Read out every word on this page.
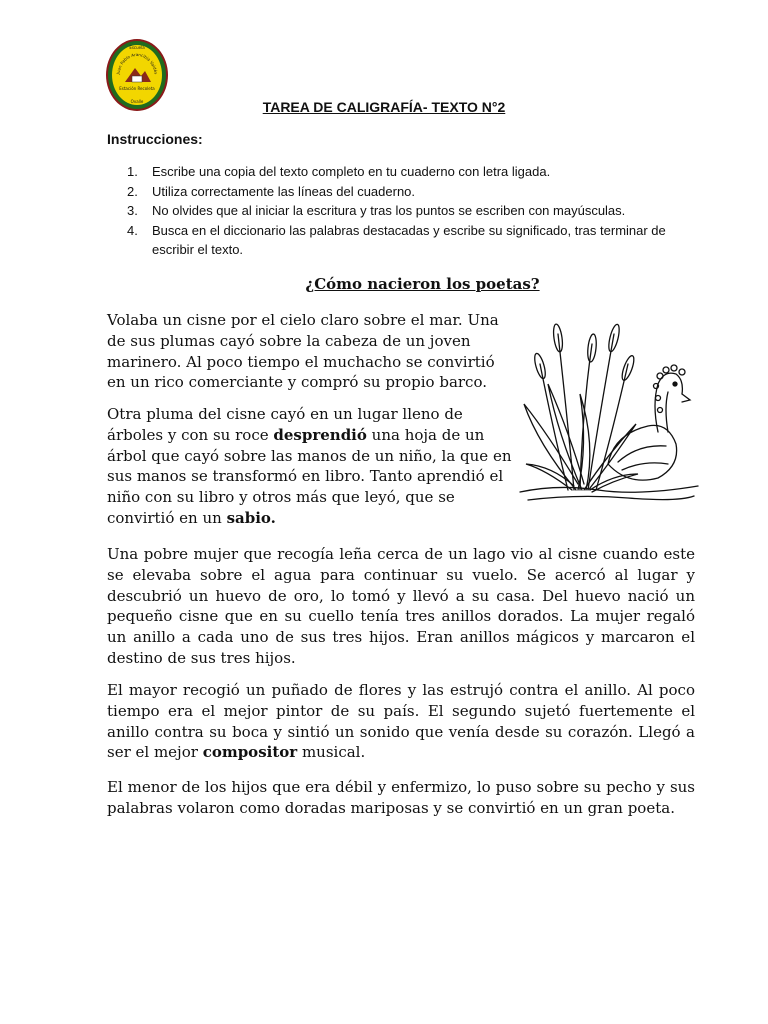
Escuela
Juan Pablo Arancibia Valdés
Estación Recoleta
Ovalle	TAREA DE CALIGRAFÍA- TEXTO N°2
Instrucciones:
1. Escribe una copia del texto completo en tu cuaderno con letra ligada.
2. Utiliza correctamente las líneas del cuaderno.
3. No olvides que al iniciar la escritura y tras los puntos se escriben con mayúsculas.
4. Busca en el diccionario las palabras destacadas y escribe su significado, tras terminar de escribir el texto.
¿Cómo nacieron los poetas?

Volaba un cisne por el cielo claro sobre el mar. Una de sus plumas cayó sobre la cabeza de un joven marinero. Al poco tiempo el muchacho se convirtió en un rico comerciante y compró su propio barco.

Otra pluma del cisne cayó en un lugar lleno de árboles y con su roce desprendió una hoja de un árbol que cayó sobre las manos de un niño, la que en sus manos se transformó en libro. Tanto aprendió el niño con su libro y otros más que leyó, que se convirtió en un sabio.

Una pobre mujer que recogía leña cerca de un lago vio al cisne cuando este se elevaba sobre el agua para continuar su vuelo. Se acercó al lugar y descubrió un huevo de oro, lo tomó y llevó a su casa. Del huevo nació un pequeño cisne que en su cuello tenía tres anillos dorados. La mujer regaló un anillo a cada uno de sus tres hijos. Eran anillos mágicos y marcaron el destino de sus tres hijos.

El mayor recogió un puñado de flores y las estrujó contra el anillo. Al poco tiempo era el mejor pintor de su país. El segundo sujetó fuertemente el anillo contra su boca y sintió un sonido que venía desde su corazón. Llegó a ser el mejor compositor musical.

El menor de los hijos que era débil y enfermizo, lo puso sobre su pecho y sus palabras volaron como doradas mariposas y se convirtió en un gran poeta.
